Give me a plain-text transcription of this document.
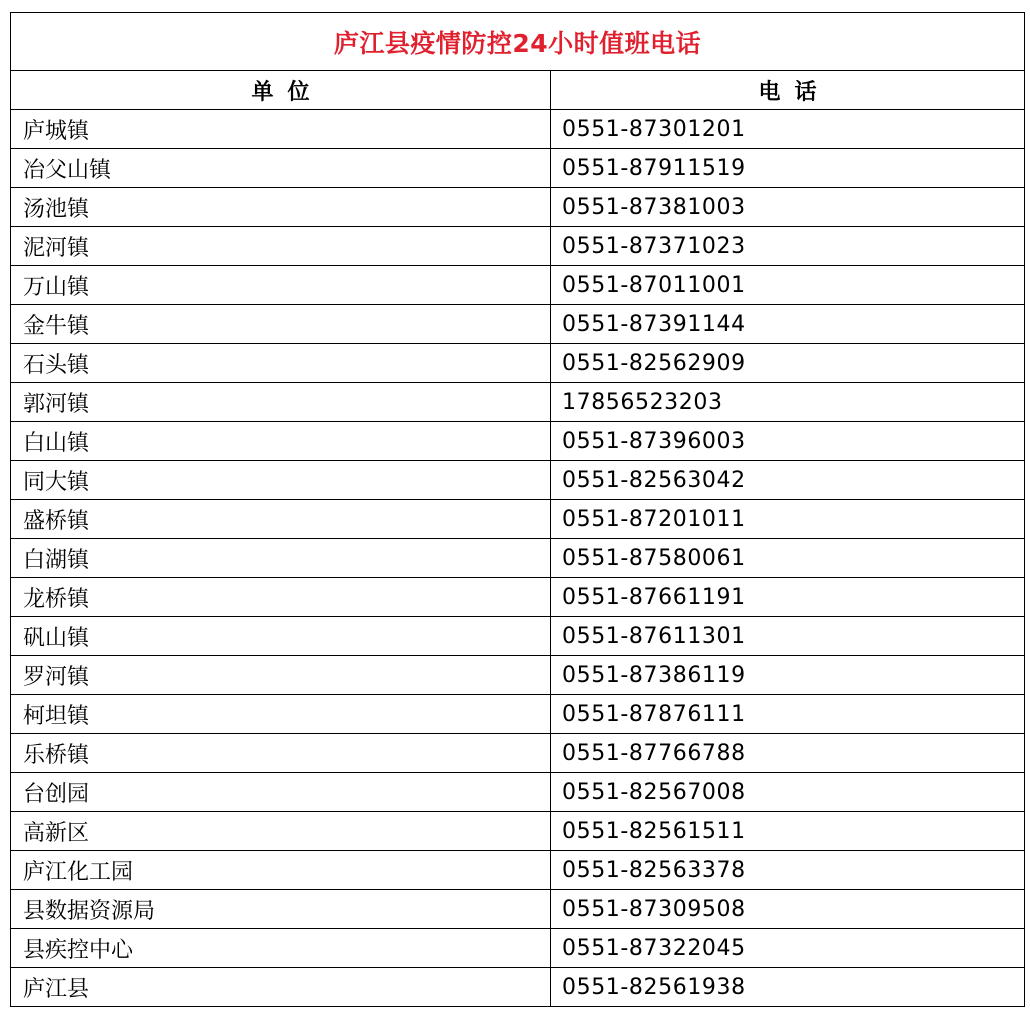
庐江县疫情防控24小时值班电话	
单位	电话
庐城镇	0551-87301201
冶父山镇	0551-87911519
汤池镇	0551-87381003
泥河镇	0551-87371023
万山镇	0551-87011001
金牛镇	0551-87391144
石头镇	0551-82562909
郭河镇	17856523203
白山镇	0551-87396003
同大镇	0551-82563042
盛桥镇	0551-87201011
白湖镇	0551-87580061
龙桥镇	0551-87661191
矾山镇	0551-87611301
罗河镇	0551-87386119
柯坦镇	0551-87876111
乐桥镇	0551-87766788
台创园	0551-82567008
高新区	0551-82561511
庐江化工园	0551-82563378
县数据资源局	0551-87309508
县疾控中心	0551-87322045
庐江县	0551-82561938
